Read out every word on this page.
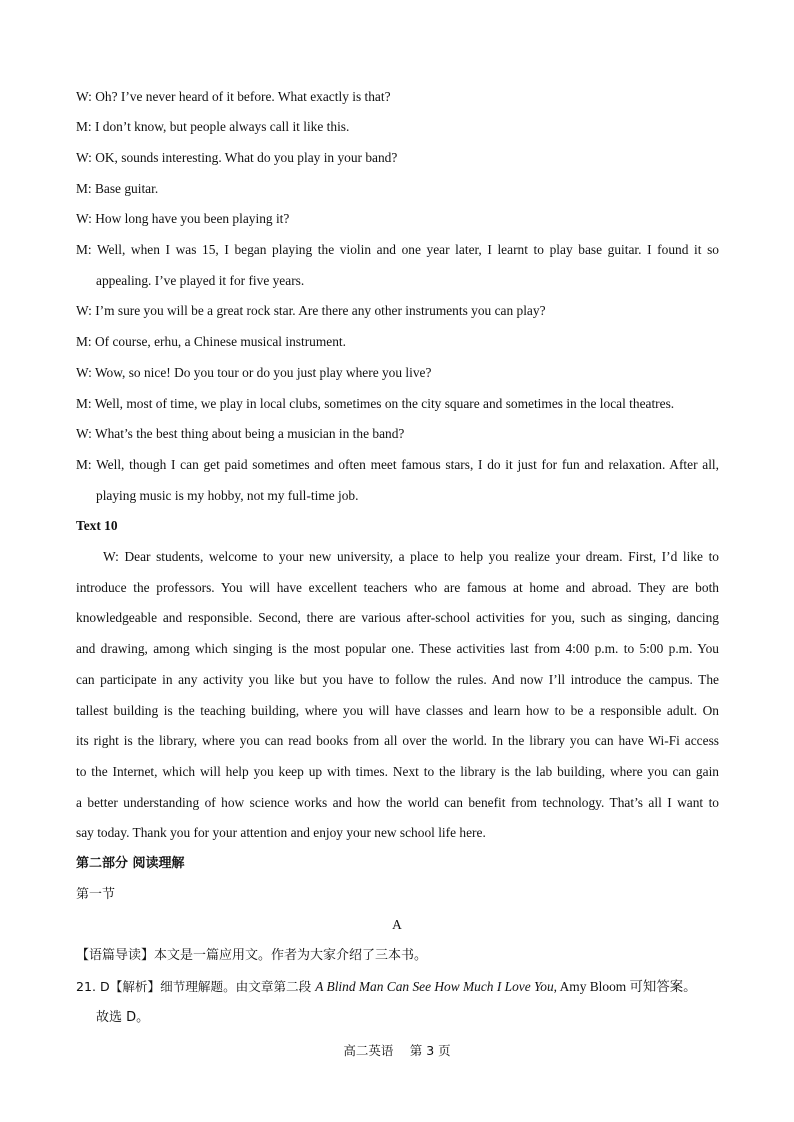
W: Oh? I’ve never heard of it before. What exactly is that?
M: I don’t know, but people always call it like this.
W: OK, sounds interesting. What do you play in your band?
M: Base guitar.
W: How long have you been playing it?
M: Well, when I was 15, I began playing the violin and one year later, I learnt to play base guitar. I found it so
appealing. I’ve played it for five years.
W: I’m sure you will be a great rock star. Are there any other instruments you can play?
M: Of course, erhu, a Chinese musical instrument.
W: Wow, so nice! Do you tour or do you just play where you live?
M: Well, most of time, we play in local clubs, sometimes on the city square and sometimes in the local theatres.
W: What’s the best thing about being a musician in the band?
M: Well, though I can get paid sometimes and often meet famous stars, I do it just for fun and relaxation. After all,
playing music is my hobby, not my full-time job.
Text 10
W: Dear students, welcome to your new university, a place to help you realize your dream. First, I’d like to
introduce the professors. You will have excellent teachers who are famous at home and abroad. They are both
knowledgeable and responsible. Second, there are various after-school activities for you, such as singing, dancing
and drawing, among which singing is the most popular one. These activities last from 4:00 p.m. to 5:00 p.m. You
can participate in any activity you like but you have to follow the rules. And now I’ll introduce the campus. The
tallest building is the teaching building, where you will have classes and learn how to be a responsible adult. On
its right is the library, where you can read books from all over the world. In the library you can have Wi-Fi access
to the Internet, which will help you keep up with times. Next to the library is the lab building, where you can gain
a better understanding of how science works and how the world can benefit from technology. That’s all I want to
say today. Thank you for your attention and enjoy your new school life here.
第二部分 阅读理解
第一节
A
【语篇导读】本文是一篇应用文。作者为大家介绍了三本书。
21. D【解析】细节理解题。由文章第二段 A Blind Man Can See How Much I Love You, Amy Bloom 可知答案。
故选 D。
高二英语　 第 3 页
